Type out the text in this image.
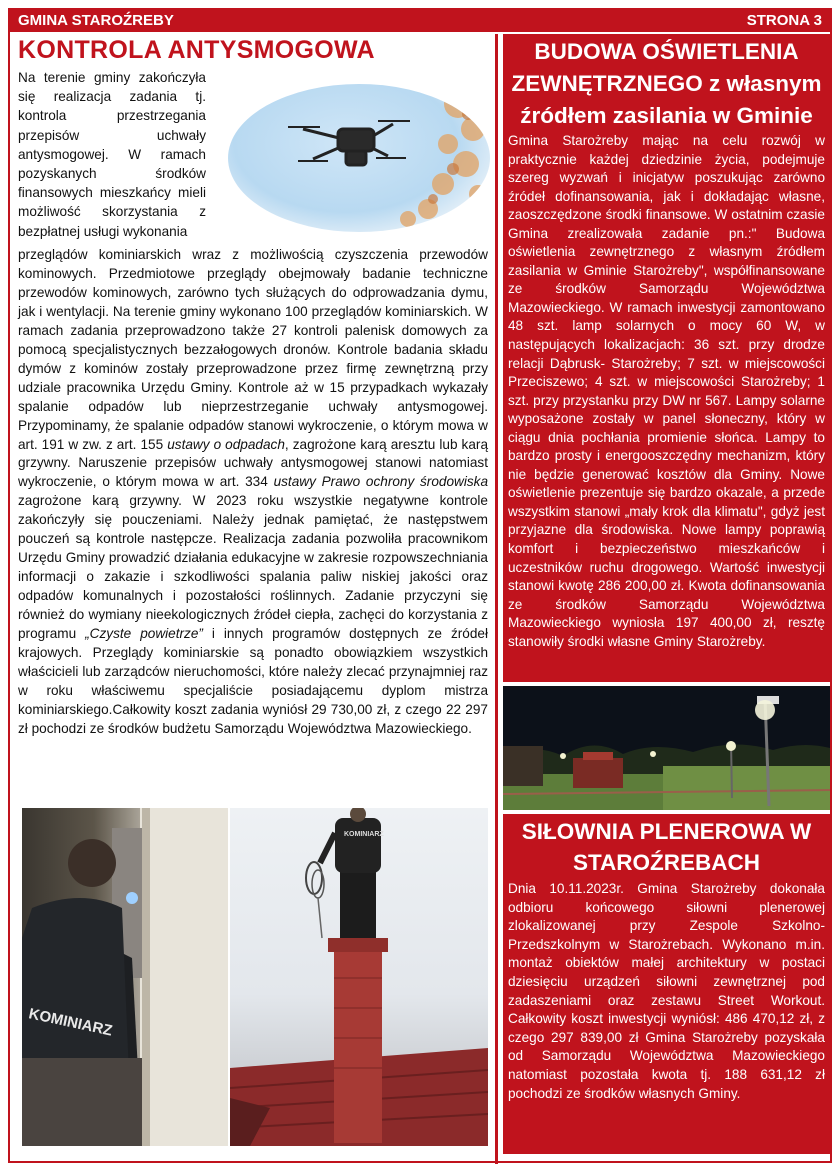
GMINA STAROŹREBY	STRONA 3
KONTROLA ANTYSMOGOWA
Na terenie gminy zakończyła się realizacja zadania tj. kontrola przestrzegania przepisów uchwały antysmogowej. W ramach pozyskanych środków finansowych mieszkańcy mieli możliwość skorzystania z bezpłatnej usługi wykonania

przeglądów kominiarskich wraz z możliwością czyszczenia przewodów kominowych. Przedmiotowe przeglądy obejmowały badanie techniczne przewodów kominowych, zarówno tych służących do odprowadzania dymu, jak i wentylacji. Na terenie gminy wykonano 100 przeglądów kominiarskich. W ramach zadania przeprowadzono także 27 kontroli palenisk domowych za pomocą specjalistycznych bezzałogowych dronów. Kontrole badania składu dymów z kominów zostały przeprowadzone przez firmę zewnętrzną przy udziale pracownika Urzędu Gminy. Kontrole aż w 15 przypadkach wykazały spalanie odpadów lub nieprzestrzeganie uchwały antysmogowej. Przypominamy, że spalanie odpadów stanowi wykroczenie, o którym mowa w art. 191 w zw. z art. 155 ustawy o odpadach, zagrożone karą aresztu lub karą grzywny. Naruszenie przepisów uchwały antysmogowej stanowi natomiast wykroczenie, o którym mowa w art. 334 ustawy Prawo ochrony środowiska zagrożone karą grzywny. W 2023 roku wszystkie negatywne kontrole zakończyły się pouczeniami. Należy jednak pamiętać, że następstwem pouczeń są kontrole następcze. Realizacja zadania pozwoliła pracownikom Urzędu Gminy prowadzić działania edukacyjne w zakresie rozpowszechniania informacji o zakazie i szkodliwości spalania paliw niskiej jakości oraz odpadów komunalnych i pozostałości roślinnych. Zadanie przyczyni się również do wymiany nieekologicznych źródeł ciepła, zachęci do korzystania z programu „Czyste powietrze” i innych programów dostępnych ze źródeł krajowych. Przeglądy kominiarskie są ponadto obowiązkiem wszystkich właścicieli lub zarządców nieruchomości, które należy zlecać przynajmniej raz w roku właściwemu specjaliście posiadającemu dyplom mistrza kominiarskiego.Całkowity koszt zadania wyniósł 29 730,00 zł, z czego 22 297 zł pochodzi ze środków budżetu Samorządu Województwa Mazowieckiego.

KOMINIARZ
KOMINIARZ
BUDOWA OŚWIETLENIA ZEWNĘTRZNEGO z własnym źródłem zasilania w Gminie
Gmina Starożreby mając na celu rozwój w praktycznie każdej dziedzinie życia, podejmuje szereg wyzwań i inicjatyw poszukując zarówno źródeł dofinansowania, jak i dokładając własne, zaoszczędzone środki finansowe. W ostatnim czasie Gmina zrealizowała zadanie pn.:" Budowa oświetlenia zewnętrznego z własnym źródłem zasilania w Gminie Starożreby", współfinansowane ze środków Samorządu Województwa Mazowieckiego. W ramach inwestycji zamontowano 48 szt. lamp solarnych o mocy 60 W, w następujących lokalizacjach: 36 szt. przy drodze relacji Dąbrusk- Starożreby; 7 szt. w miejscowości Przeciszewo; 4 szt. w miejscowości Starożreby; 1 szt. przy przystanku przy DW nr 567. Lampy solarne wyposażone zostały w panel słoneczny, który w ciągu dnia pochłania promienie słońca. Lampy to bardzo prosty i energooszczędny mechanizm, który nie będzie generować kosztów dla Gminy. Nowe oświetlenie prezentuje się bardzo okazale, a przede wszystkim stanowi „mały krok dla klimatu", gdyż jest przyjazne dla środowiska. Nowe lampy poprawią komfort i bezpieczeństwo mieszkańców i uczestników ruchu drogowego. Wartość inwestycji stanowi kwotę 286 200,00 zł. Kwota dofinansowania ze środków Samorządu Województwa Mazowieckiego wyniosła 197 400,00 zł, resztę stanowiły środki własne Gminy Starożreby.
SIŁOWNIA PLENEROWA W STAROŹREBACH
Dnia 10.11.2023r. Gmina Starożreby dokonała odbioru końcowego siłowni plenerowej zlokalizowanej przy Zespole Szkolno-Przedszkolnym w Starożrebach. Wykonano m.in. montaż obiektów małej architektury w postaci dziesięciu urządzeń siłowni zewnętrznej pod zadaszeniami oraz zestawu Street Workout. Całkowity koszt inwestycji wyniósł: 486 470,12 zł, z czego 297 839,00 zł Gmina Starożreby pozyskała od Samorządu Województwa Mazowieckiego natomiast pozostała kwota tj. 188 631,12 zł pochodzi ze środków własnych Gminy.
